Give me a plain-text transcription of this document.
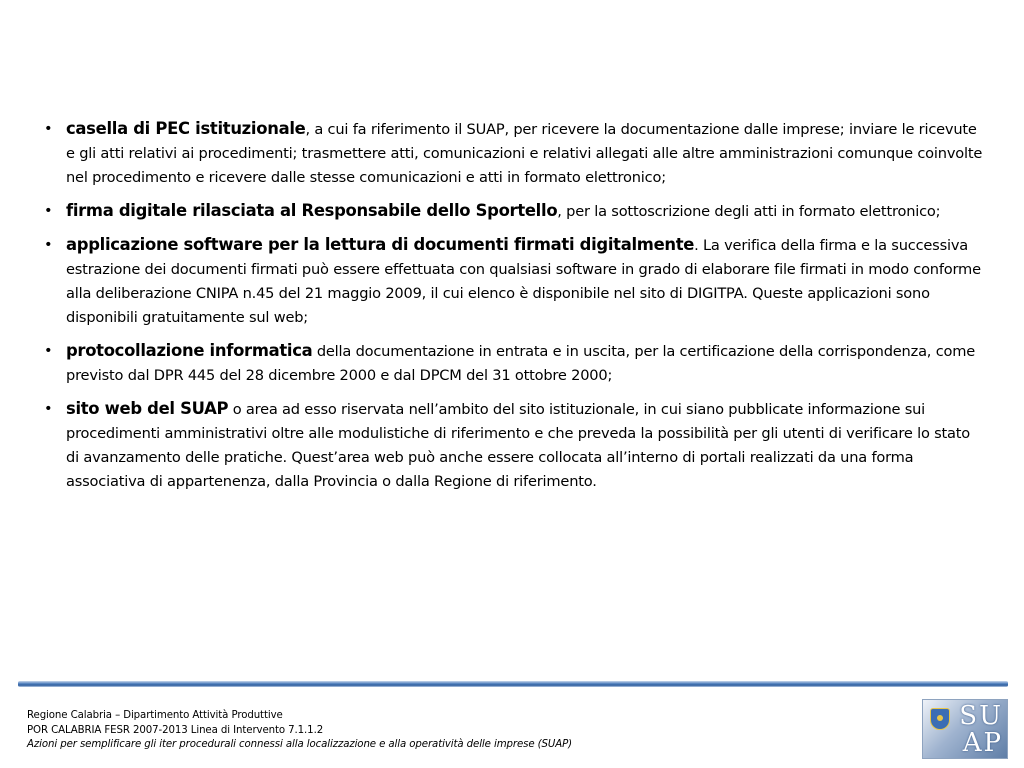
• casella di PEC istituzionale, a cui fa riferimento il SUAP, per ricevere la documentazione dalle imprese; inviare le ricevute e gli atti relativi ai procedimenti; trasmettere atti, comunicazioni e relativi allegati alle altre amministrazioni comunque coinvolte nel procedimento e ricevere dalle stesse comunicazioni e atti in formato elettronico;
• firma digitale rilasciata al Responsabile dello Sportello, per la sottoscrizione degli atti in formato elettronico;
• applicazione software per la lettura di documenti firmati digitalmente. La verifica della firma e la successiva estrazione dei documenti firmati può essere effettuata con qualsiasi software in grado di elaborare file firmati in modo conforme alla deliberazione CNIPA n.45 del 21 maggio 2009, il cui elenco è disponibile nel sito di DIGITPA. Queste applicazioni sono disponibili gratuitamente sul web;
• protocollazione informatica della documentazione in entrata e in uscita, per la certificazione della corrispondenza, come previsto dal DPR 445 del 28 dicembre 2000 e dal DPCM del 31 ottobre 2000;
• sito web del SUAP o area ad esso riservata nell’ambito del sito istituzionale, in cui siano pubblicate informazione sui procedimenti amministrativi oltre alle modulistiche di riferimento e che preveda la possibilità per gli utenti di verificare lo stato di avanzamento delle pratiche. Quest’area web può anche essere collocata all’interno di portali realizzati da una forma associativa di appartenenza, dalla Provincia o dalla Regione di riferimento.
Regione Calabria – Dipartimento Attività Produttive
POR CALABRIA FESR 2007-2013 Linea di Intervento 7.1.1.2
Azioni per semplificare gli iter procedurali connessi alla localizzazione e alla operatività delle imprese (SUAP)
SU
AP
